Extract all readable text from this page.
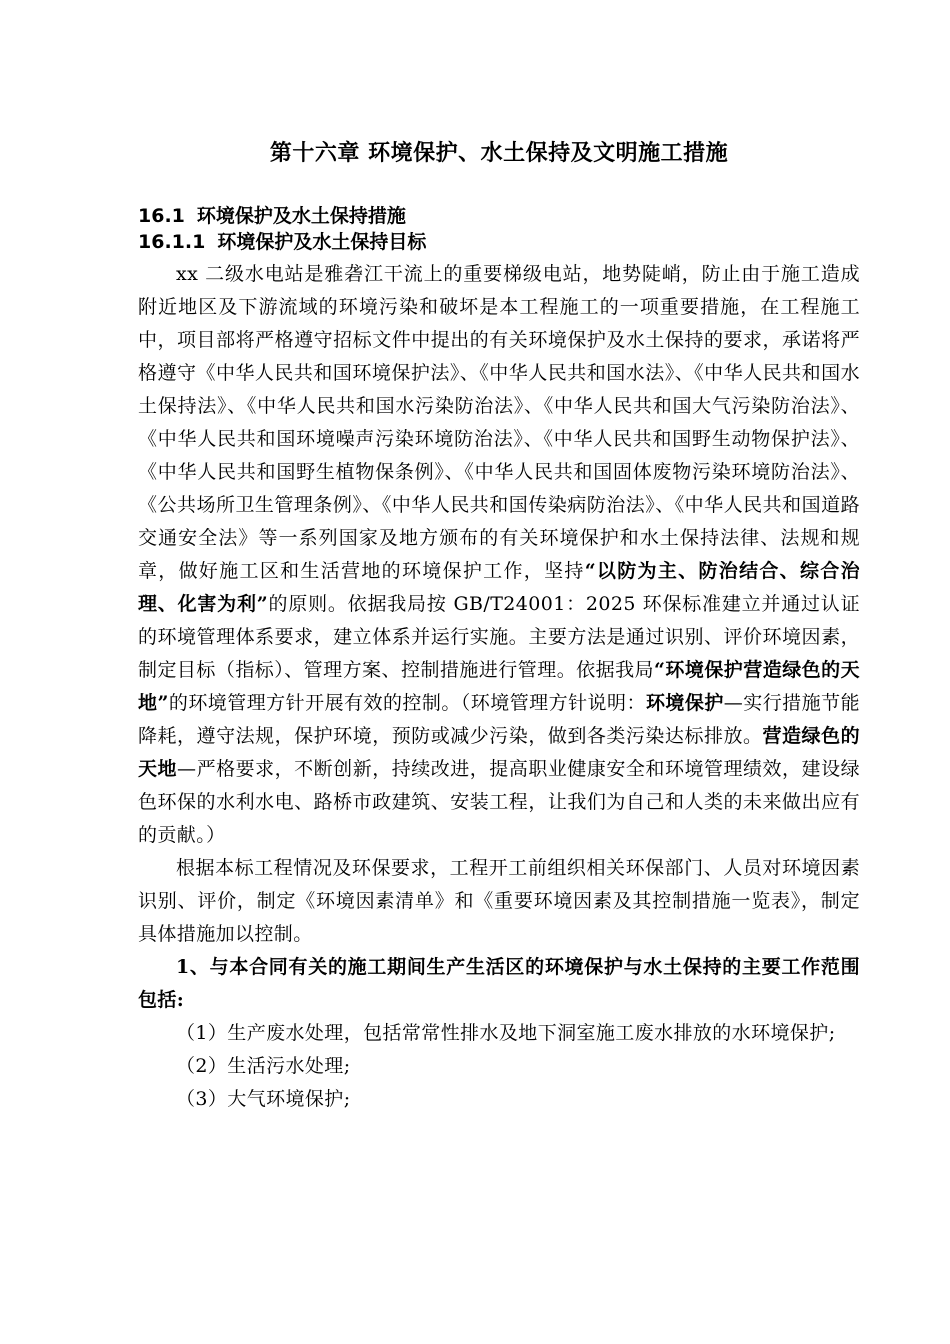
第十六章 环境保护、水土保持及文明施工措施
16.1 环境保护及水土保持措施
16.1.1 环境保护及水土保持目标

xx 二级水电站是雅砻江干流上的重要梯级电站，地势陡峭，防止由于施工造成附近地区及下游流域的环境污染和破坏是本工程施工的一项重要措施，在工程施工中，项目部将严格遵守招标文件中提出的有关环境保护及水土保持的要求，承诺将严格遵守《中华人民共和国环境保护法》、《中华人民共和国水法》、《中华人民共和国水土保持法》、《中华人民共和国水污染防治法》、《中华人民共和国大气污染防治法》、《中华人民共和国环境噪声污染环境防治法》、《中华人民共和国野生动物保护法》、《中华人民共和国野生植物保条例》、《中华人民共和国固体废物污染环境防治法》、《公共场所卫生管理条例》、《中华人民共和国传染病防治法》、《中华人民共和国道路交通安全法》等一系列国家及地方颁布的有关环境保护和水土保持法律、法规和规章，做好施工区和生活营地的环境保护工作，坚持“以防为主、防治结合、综合治理、化害为利”的原则。依据我局按 GB/T24001：2025 环保标准建立并通过认证的环境管理体系要求，建立体系并运行实施。主要方法是通过识别、评价环境因素，制定目标（指标）、管理方案、控制措施进行管理。依据我局“环境保护营造绿色的天地”的环境管理方针开展有效的控制。（环境管理方针说明：环境保护—实行措施节能降耗，遵守法规，保护环境，预防或减少污染，做到各类污染达标排放。营造绿色的天地—严格要求，不断创新，持续改进，提高职业健康安全和环境管理绩效，建设绿色环保的水利水电、路桥市政建筑、安装工程，让我们为自己和人类的未来做出应有的贡献。）

根据本标工程情况及环保要求，工程开工前组织相关环保部门、人员对环境因素识别、评价，制定《环境因素清单》和《重要环境因素及其控制措施一览表》，制定具体措施加以控制。

1、与本合同有关的施工期间生产生活区的环境保护与水土保持的主要工作范围包括:

（1）生产废水处理，包括常常性排水及地下洞室施工废水排放的水环境保护;

（2）生活污水处理;

（3）大气环境保护;
